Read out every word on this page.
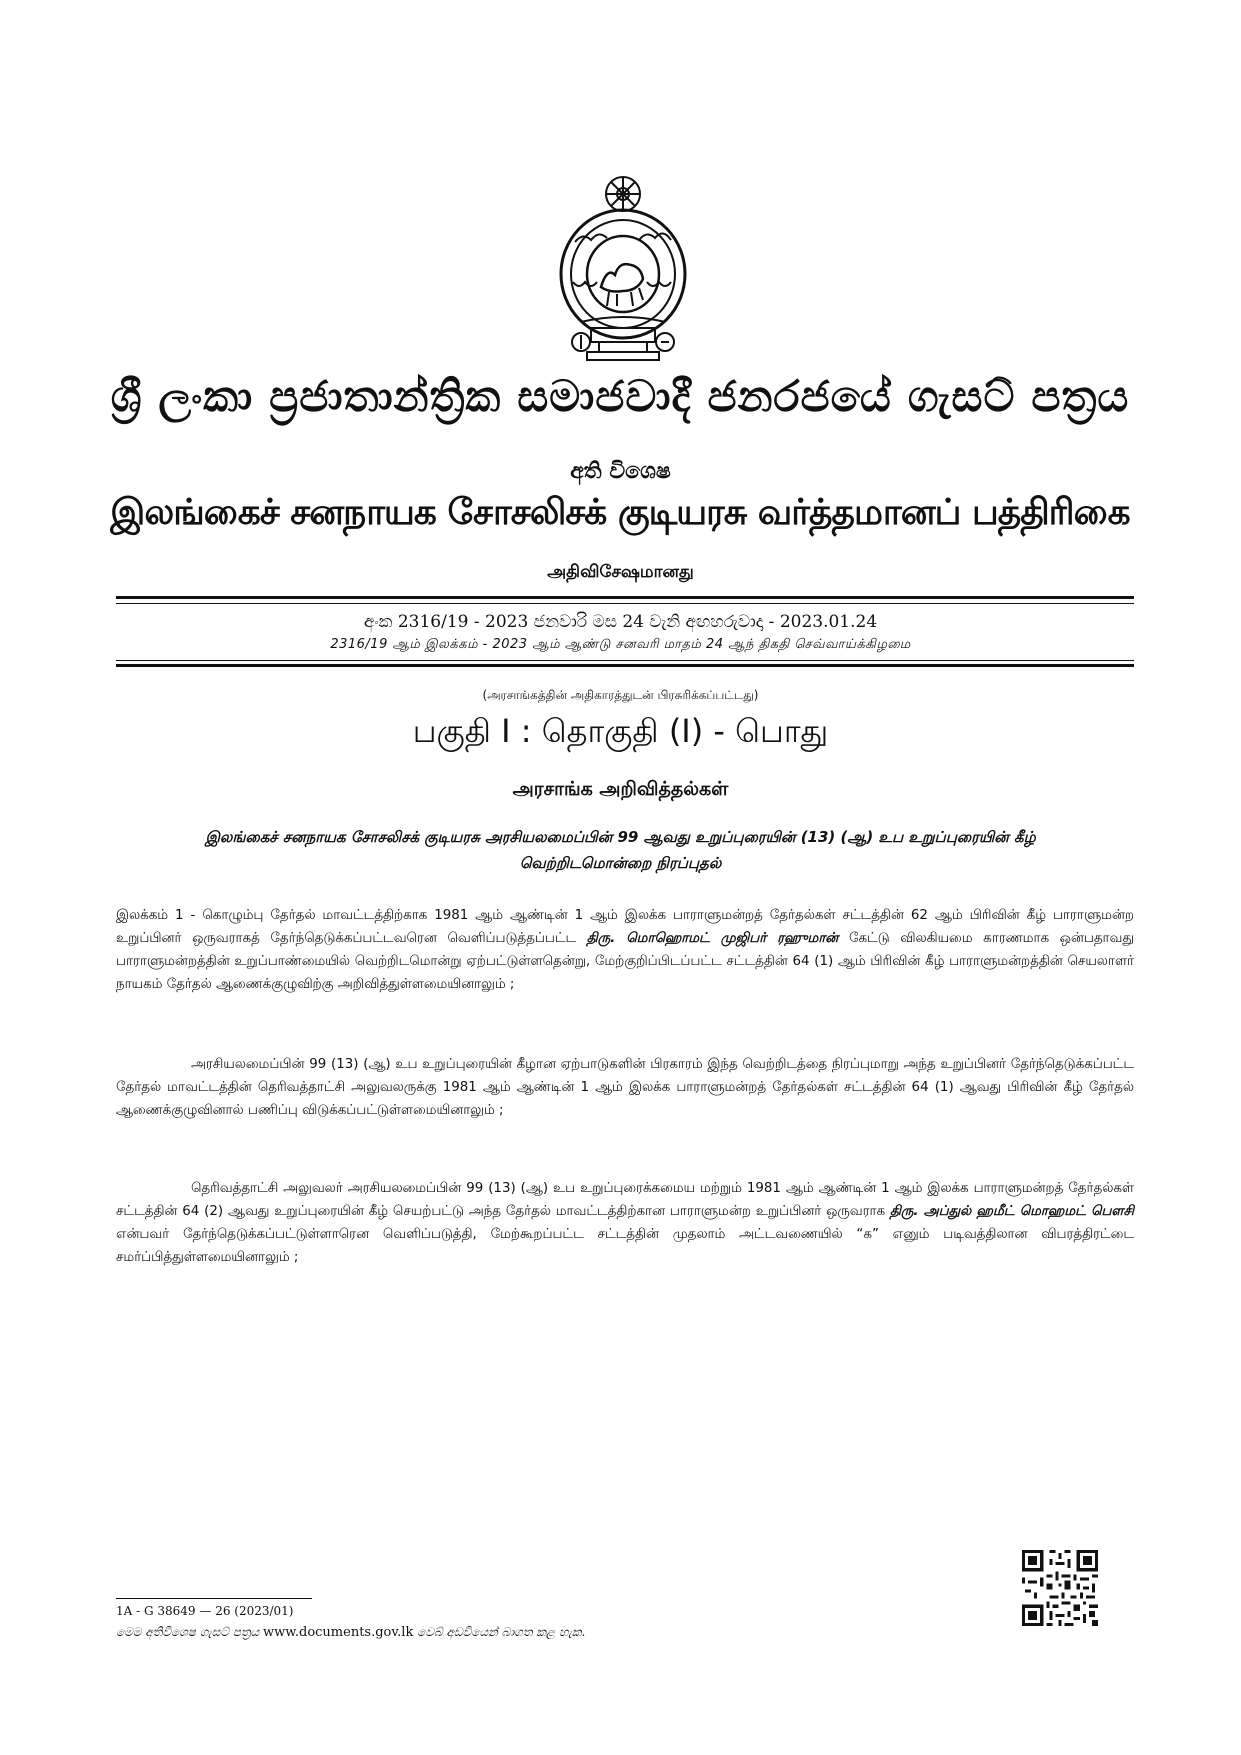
ශ්‍රී ලංකා ප්‍රජාතාන්ත්‍රික සමාජවාදී ජනරජයේ ගැසට් පත්‍රය
අති විශෙෂ
இலங்கைச் சனநாயக சோசலிசக் குடியரசு வர்த்தமானப் பத்திரிகை
அதிவிசேஷமானது
අංක 2316/19 - 2023 ජනවාරි මස 24 වැනි අඟහරුවාදා - 2023.01.24
2316/19 ஆம் இலக்கம் - 2023 ஆம் ஆண்டு சனவரி மாதம் 24 ஆந் திகதி செவ்வாய்க்கிழமை
(அரசாங்கத்தின் அதிகாரத்துடன் பிரசுரிக்கப்பட்டது)
பகுதி I : தொகுதி (I) - பொது
அரசாங்க அறிவித்தல்கள்
இலங்கைச் சனநாயக சோசலிசக் குடியரசு அரசியலமைப்பின் 99 ஆவது உறுப்புரையின் (13) (ஆ) உப உறுப்புரையின் கீழ் வெற்றிடமொன்றை நிரப்புதல்
இலக்கம் 1 - கொழும்பு தேர்தல் மாவட்டத்திற்காக 1981 ஆம் ஆண்டின் 1 ஆம் இலக்க பாராளுமன்றத் தேர்தல்கள் சட்டத்தின் 62 ஆம் பிரிவின் கீழ் பாராளுமன்ற உறுப்பினர் ஒருவராகத் தேர்ந்தெடுக்கப்பட்டவரென வெளிப்படுத்தப்பட்ட திரு. மொஹொமட் முஜிபர் ரஹுமான் கேட்டு விலகியமை காரணமாக ஒன்பதாவது பாராளுமன்றத்தின் உறுப்பாண்மையில் வெற்றிடமொன்று ஏற்பட்டுள்ளதென்று, மேற்குறிப்பிடப்பட்ட சட்டத்தின் 64 (1) ஆம் பிரிவின் கீழ் பாராளுமன்றத்தின் செயலாளர் நாயகம் தேர்தல் ஆணைக்குழுவிற்கு அறிவித்துள்ளமையினாலும் ;
அரசியலமைப்பின் 99 (13) (ஆ) உப உறுப்புரையின் கீழான ஏற்பாடுகளின் பிரகாரம் இந்த வெற்றிடத்தை நிரப்புமாறு அந்த உறுப்பினர் தேர்ந்தெடுக்கப்பட்ட தேர்தல் மாவட்டத்தின் தெரிவத்தாட்சி அலுவலருக்கு 1981 ஆம் ஆண்டின் 1 ஆம் இலக்க பாராளுமன்றத் தேர்தல்கள் சட்டத்தின் 64 (1) ஆவது பிரிவின் கீழ் தேர்தல் ஆணைக்குழுவினால் பணிப்பு விடுக்கப்பட்டுள்ளமையினாலும் ;
தெரிவத்தாட்சி அலுவலர் அரசியலமைப்பின் 99 (13) (ஆ) உப உறுப்புரைக்கமைய மற்றும் 1981 ஆம் ஆண்டின் 1 ஆம் இலக்க பாராளுமன்றத் தேர்தல்கள் சட்டத்தின் 64 (2) ஆவது உறுப்புரையின் கீழ் செயற்பட்டு அந்த தேர்தல் மாவட்டத்திற்கான பாராளுமன்ற உறுப்பினர் ஒருவராக திரு. அப்துல் ஹமீட் மொஹமட் பௌசி என்பவர் தேர்ந்தெடுக்கப்பட்டுள்ளாரென வெளிப்படுத்தி, மேற்கூறப்பட்ட சட்டத்தின் முதலாம் அட்டவணையில் “க” எனும் படிவத்திலான விபரத்திரட்டை சமர்ப்பித்துள்ளமையினாலும் ;
1A - G 38649 — 26 (2023/01)
මෙම අතිවිශෙෂ ගැසට් පත්‍රය www.documents.gov.lk වෙබ් අඩවියෙන් බාගත කළ හැක.
